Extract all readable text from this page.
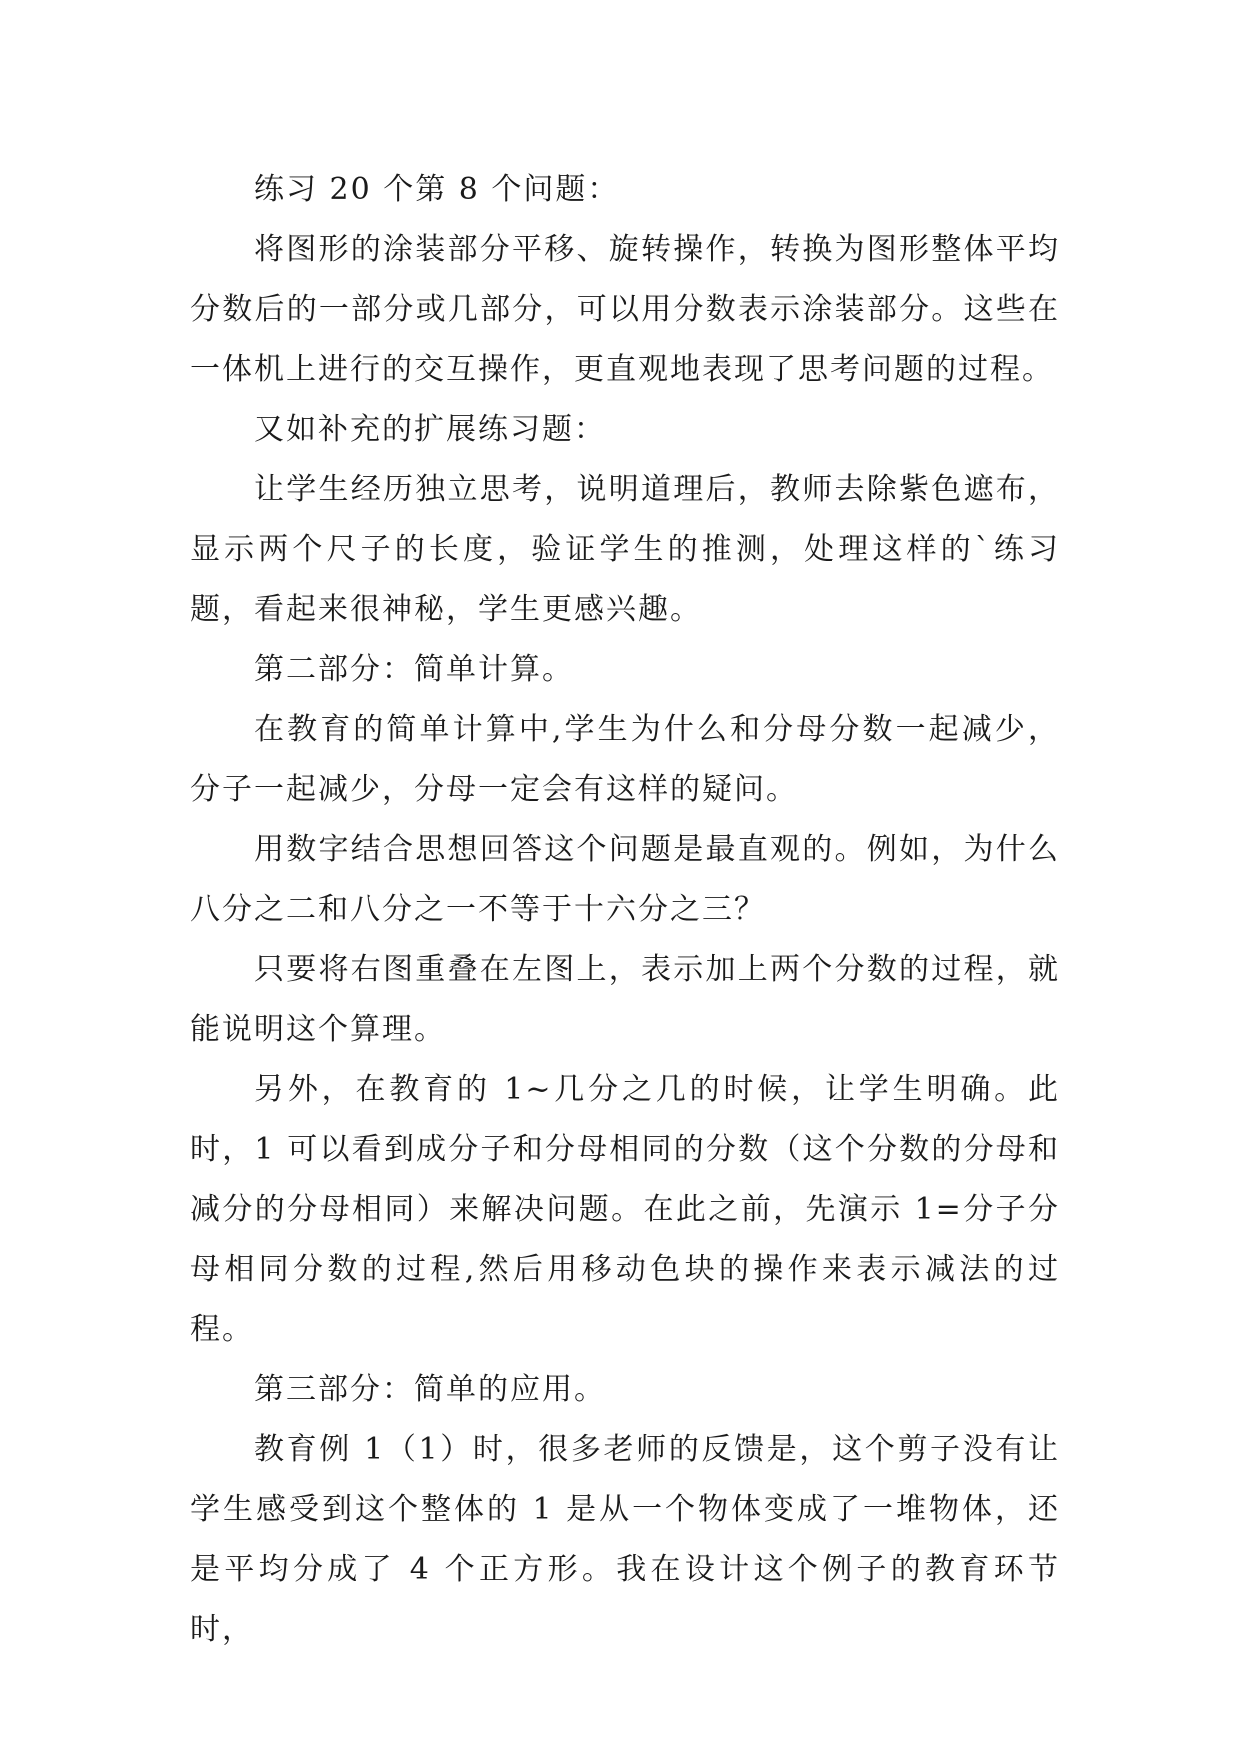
练习 20 个第 8 个问题：

将图形的涂装部分平移、旋转操作，转换为图形整体平均分数后的一部分或几部分，可以用分数表示涂装部分。这些在一体机上进行的交互操作，更直观地表现了思考问题的过程。

又如补充的扩展练习题：

让学生经历独立思考，说明道理后，教师去除紫色遮布，显示两个尺子的长度，验证学生的推测，处理这样的`练习题，看起来很神秘，学生更感兴趣。

第二部分：简单计算。

在教育的简单计算中,学生为什么和分母分数一起减少，分子一起减少，分母一定会有这样的疑问。

用数字结合思想回答这个问题是最直观的。例如，为什么八分之二和八分之一不等于十六分之三？

只要将右图重叠在左图上，表示加上两个分数的过程，就能说明这个算理。

另外，在教育的 1~几分之几的时候，让学生明确。此时，1 可以看到成分子和分母相同的分数（这个分数的分母和减分的分母相同）来解决问题。在此之前，先演示 1=分子分母相同分数的过程,然后用移动色块的操作来表示减法的过程。

第三部分：简单的应用。

教育例 1（1）时，很多老师的反馈是，这个剪子没有让学生感受到这个整体的 1 是从一个物体变成了一堆物体，还是平均分成了 4 个正方形。我在设计这个例子的教育环节时，
